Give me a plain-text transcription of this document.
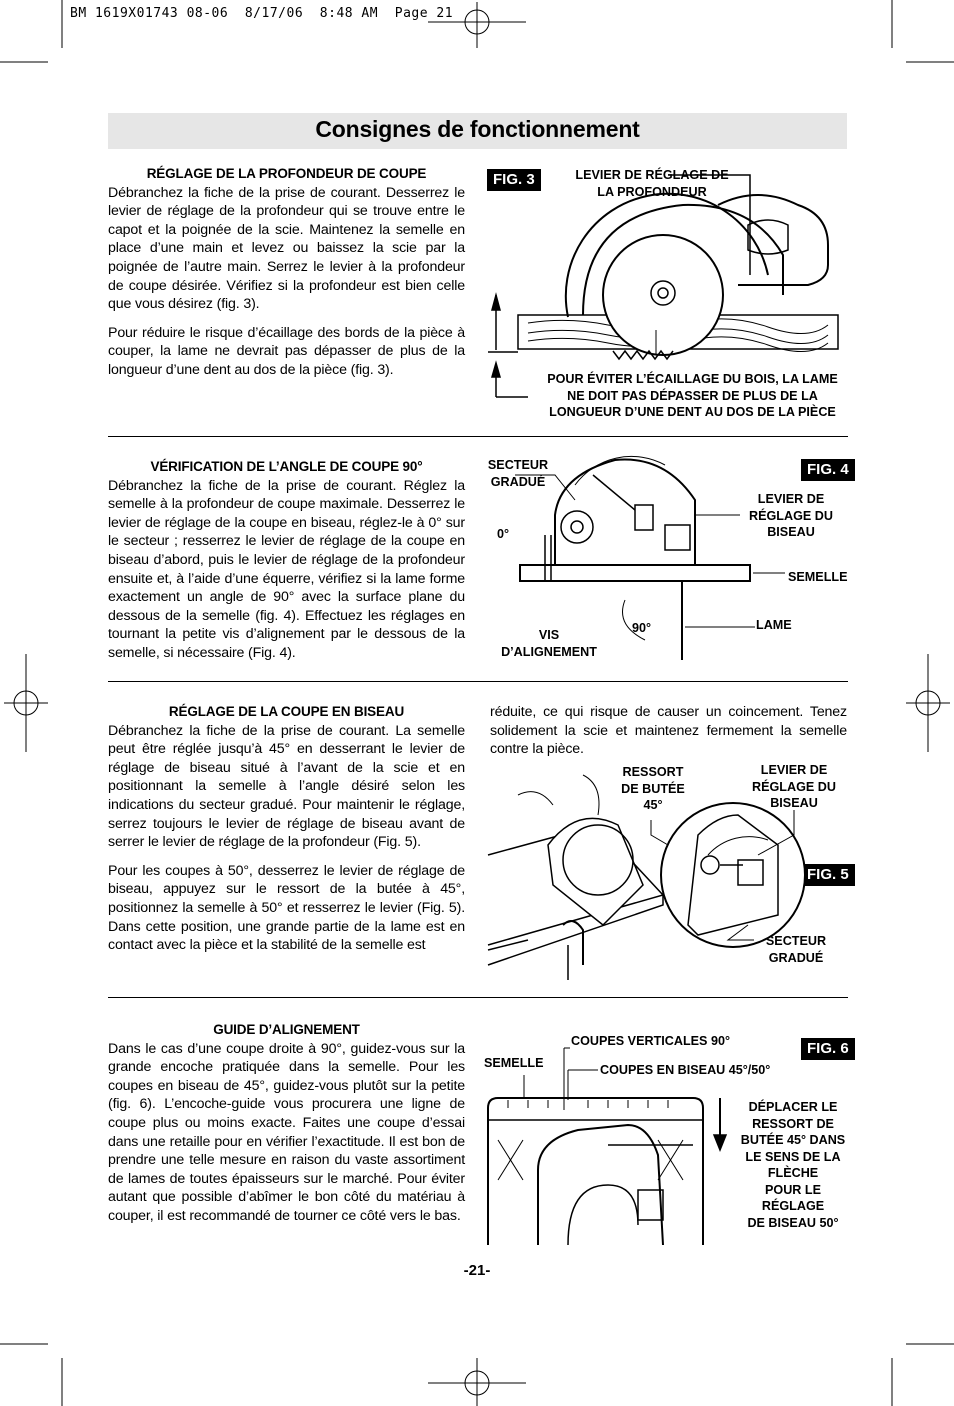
BM 1619X01743 08-06  8/17/06  8:48 AM  Page 21
Consignes de fonctionnement
RÉGLAGE DE LA PROFONDEUR DE COUPE

Débranchez la fiche de la prise de courant. Desserrez le levier de réglage de la profondeur qui se trouve entre le capot et la poignée de la scie. Maintenez la semelle en place d’une main et levez ou baissez la scie par la poignée de l’autre main. Serrez le levier à la profondeur de coupe désirée. Vérifiez si la profondeur est bien celle que vous désirez (fig. 3).

Pour réduire le risque d’écaillage des bords de la pièce à couper, la lame ne devrait pas dépasser de plus de la longueur d’une dent au dos de la pièce (fig. 3).

FIG. 3	LEVIER DE RÉGLAGE DE
LA PROFONDEUR
POUR ÉVITER L’ÉCAILLAGE DU BOIS, LA LAME
NE DOIT PAS DÉPASSER DE PLUS DE LA
LONGUEUR D’UNE DENT AU DOS DE LA PIÈCE
VÉRIFICATION DE L’ANGLE DE COUPE 90°

Débranchez la fiche de la prise de courant. Réglez la semelle à la profondeur de coupe maximale. Desserrez le levier de réglage de la coupe en biseau, réglez-le à 0° sur le secteur ; resserrez le levier de réglage de la coupe en biseau d’abord, puis le levier de réglage de la profondeur ensuite et, à l’aide d’une équerre, vérifiez si la lame forme exactement un angle de 90° avec la surface plane du dessous de la semelle (fig. 4). Effectuez les réglages en tournant la petite vis d’alignement par le dessous de la semelle, si nécessaire (Fig. 4).

FIG. 4
SECTEUR
GRADUÉ
0°
LEVIER DE
RÉGLAGE DU
BISEAU
SEMELLE
LAME
90°
VIS
D’ALIGNEMENT
RÉGLAGE DE LA COUPE EN BISEAU

Débranchez la fiche de la prise de courant. La semelle peut être réglée jusqu’à 45° en desserrant le levier de réglage de biseau situé à l’avant de la scie et en positionnant la semelle à l’angle désiré selon les indications du secteur gradué. Pour maintenir le réglage, serrez toujours le levier de réglage de biseau avant de serrer le levier de réglage de la profondeur (Fig. 5).

Pour les coupes à 50°, desserrez le levier de réglage de biseau, appuyez sur le ressort de la butée à 45°, positionnez la semelle à 50° et resserrez le levier (Fig. 5). Dans cette position, une grande partie de la lame est en contact avec la pièce et la stabilité de la semelle est

réduite, ce qui risque de causer un coincement. Tenez solidement la scie et maintenez fermement la semelle contre la pièce.

RESSORT
DE BUTÉE
45°
LEVIER DE
RÉGLAGE DU
BISEAU
FIG. 5
SECTEUR
GRADUÉ
GUIDE D’ALIGNEMENT

Dans le cas d’une coupe droite à 90°, guidez-vous sur la grande encoche pratiquée dans la semelle. Pour les coupes en biseau de 45°, guidez-vous plutôt sur la petite (fig. 6). L’encoche-guide vous procurera une ligne de coupe plus ou moins exacte. Faites une coupe d’essai dans une retaille pour en vérifier l’exactitude. Il est bon de prendre une telle mesure en raison du vaste assortiment de lames de toutes épaisseurs sur le marché. Pour éviter autant que possible d’abîmer le bon côté du matériau à couper, il est recommandé de tourner ce côté vers le bas.

COUPES VERTICALES 90°	FIG. 6
SEMELLE	COUPES EN BISEAU 45°/50°
DÉPLACER LE
RESSORT DE
BUTÉE 45° DANS
LE SENS DE LA
FLÈCHE
POUR LE
RÉGLAGE
DE BISEAU 50°
-21-
